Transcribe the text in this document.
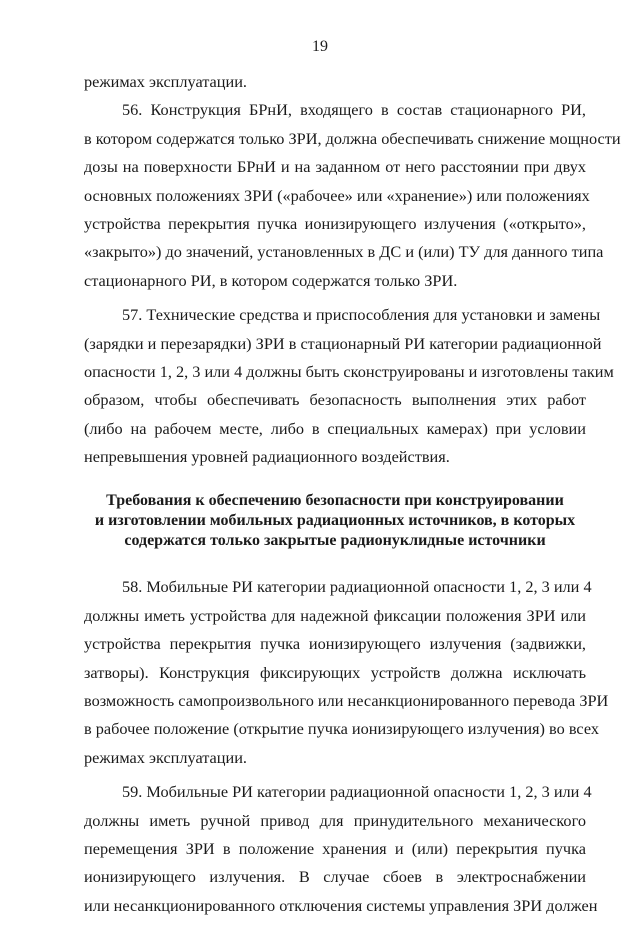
19
режимах эксплуатации.
56. Конструкция БРнИ, входящего в состав стационарного РИ,
в котором содержатся только ЗРИ, должна обеспечивать снижение мощности
дозы на поверхности БРнИ и на заданном от него расстоянии при двух
основных положениях ЗРИ («рабочее» или «хранение») или положениях
устройства перекрытия пучка ионизирующего излучения («открыто»,
«закрыто») до значений, установленных в ДС и (или) ТУ для данного типа
стационарного РИ, в котором содержатся только ЗРИ.
57. Технические средства и приспособления для установки и замены
(зарядки и перезарядки) ЗРИ в стационарный РИ категории радиационной
опасности 1, 2, 3 или 4 должны быть сконструированы и изготовлены таким
образом, чтобы обеспечивать безопасность выполнения этих работ
(либо на рабочем месте, либо в специальных камерах) при условии
непревышения уровней радиационного воздействия.
Требования к обеспечению безопасности при конструировании
и изготовлении мобильных радиационных источников, в которых
содержатся только закрытые радионуклидные источники
58. Мобильные РИ категории радиационной опасности 1, 2, 3 или 4
должны иметь устройства для надежной фиксации положения ЗРИ или
устройства перекрытия пучка ионизирующего излучения (задвижки,
затворы). Конструкция фиксирующих устройств должна исключать
возможность самопроизвольного или несанкционированного перевода ЗРИ
в рабочее положение (открытие пучка ионизирующего излучения) во всех
режимах эксплуатации.
59. Мобильные РИ категории радиационной опасности 1, 2, 3 или 4
должны иметь ручной привод для принудительного механического
перемещения ЗРИ в положение хранения и (или) перекрытия пучка
ионизирующего излучения. В случае сбоев в электроснабжении
или несанкционированного отключения системы управления ЗРИ должен
